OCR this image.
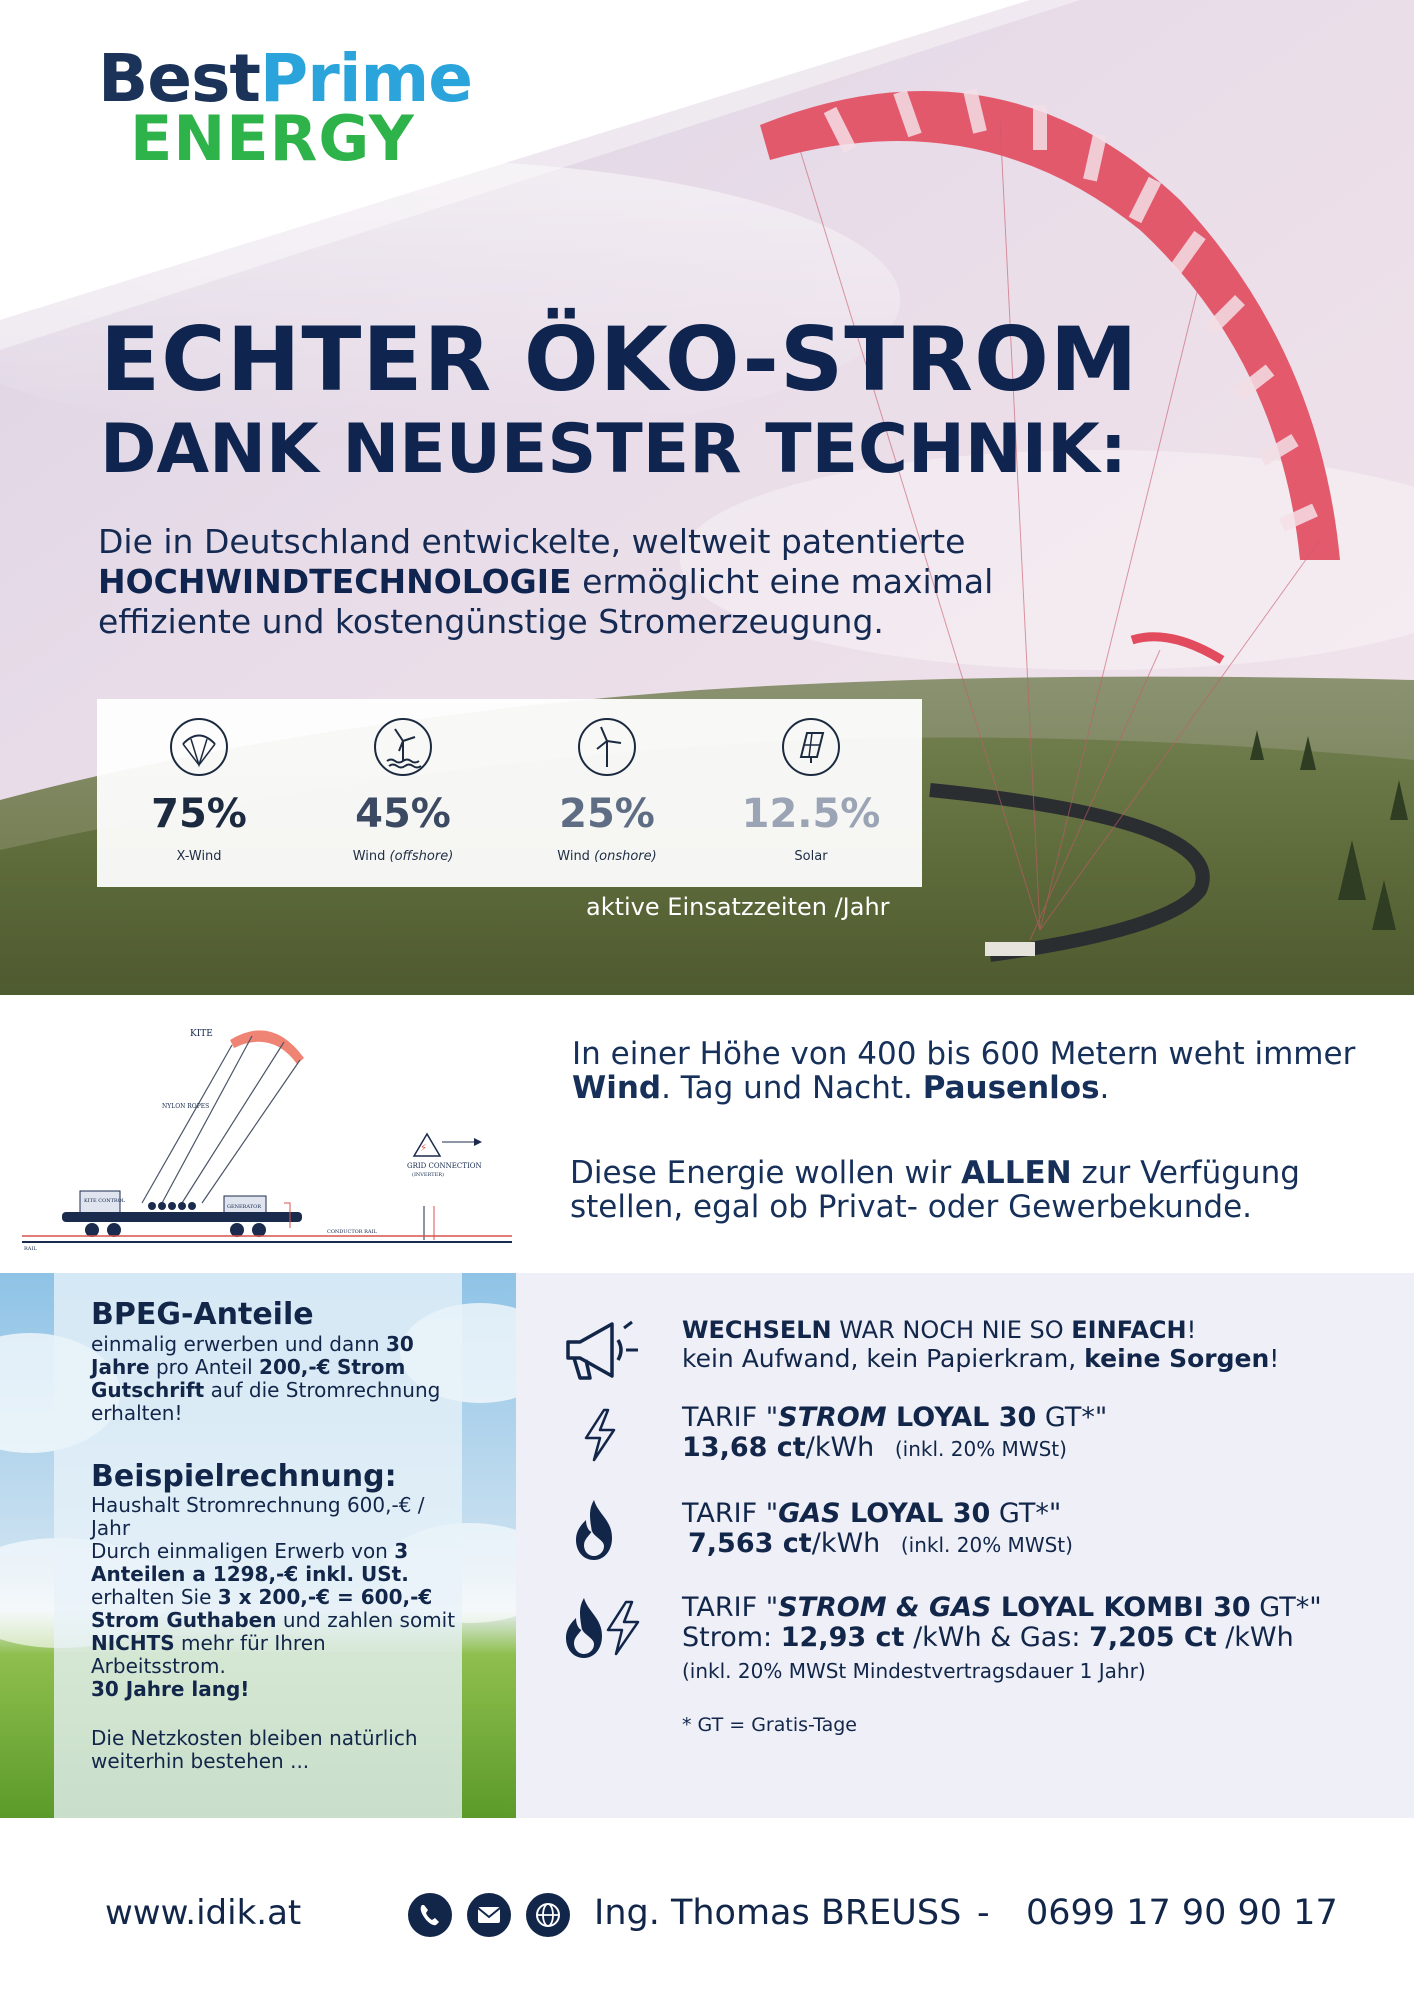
BestPrime
ENERGY
ECHTER ÖKO-STROM
DANK NEUESTER TECHNIK:
Die in Deutschland entwickelte, weltweit patentierte HOCHWINDTECHNOLOGIE ermöglicht eine maximal effiziente und kostengünstige Stromerzeugung.
75%
X-Wind
45%
Wind (offshore)
25%
Wind (onshore)
12.5%
Solar
aktive Einsatzzeiten /Jahr
KITE
NYLON ROPES
KITE CONTROL
GENERATOR
⚡
GRID CONNECTION
(INVERTER)
CONDUCTOR RAIL
RAIL
In einer Höhe von 400 bis 600 Metern weht immer Wind. Tag und Nacht. Pausenlos.
Diese Energie wollen wir ALLEN zur Verfügung stellen, egal ob Privat- oder Gewerbekunde.
BPEG-Anteile
einmalig erwerben und dann 30 Jahre pro Anteil 200,-€ Strom Gutschrift auf die Stromrechnung erhalten!
Beispielrechnung:
Haushalt Stromrechnung 600,-€ / Jahr
Durch einmaligen Erwerb von 3 Anteilen a 1298,-€ inkl. USt. erhalten Sie 3 x 200,-€ = 600,-€ Strom Guthaben und zahlen somit NICHTS mehr für Ihren Arbeitsstrom.
30 Jahre lang!
Die Netzkosten bleiben natürlich weiterhin bestehen ...
WECHSELN WAR NOCH NIE SO EINFACH!
kein Aufwand, kein Papierkram, keine Sorgen!
TARIF "STROM LOYAL 30 GT*"
13,68 ct/kWh (inkl. 20% MWSt)
TARIF "GAS LOYAL 30 GT*"
7,563 ct/kWh (inkl. 20% MWSt)
TARIF "STROM & GAS LOYAL KOMBI 30 GT*"
Strom: 12,93 ct /kWh & Gas: 7,205 Ct /kWh
(inkl. 20% MWSt Mindestvertragsdauer 1 Jahr)
* GT = Gratis-Tage
www.idik.at	Ing. Thomas BREUSS - 0699 17 90 90 17
